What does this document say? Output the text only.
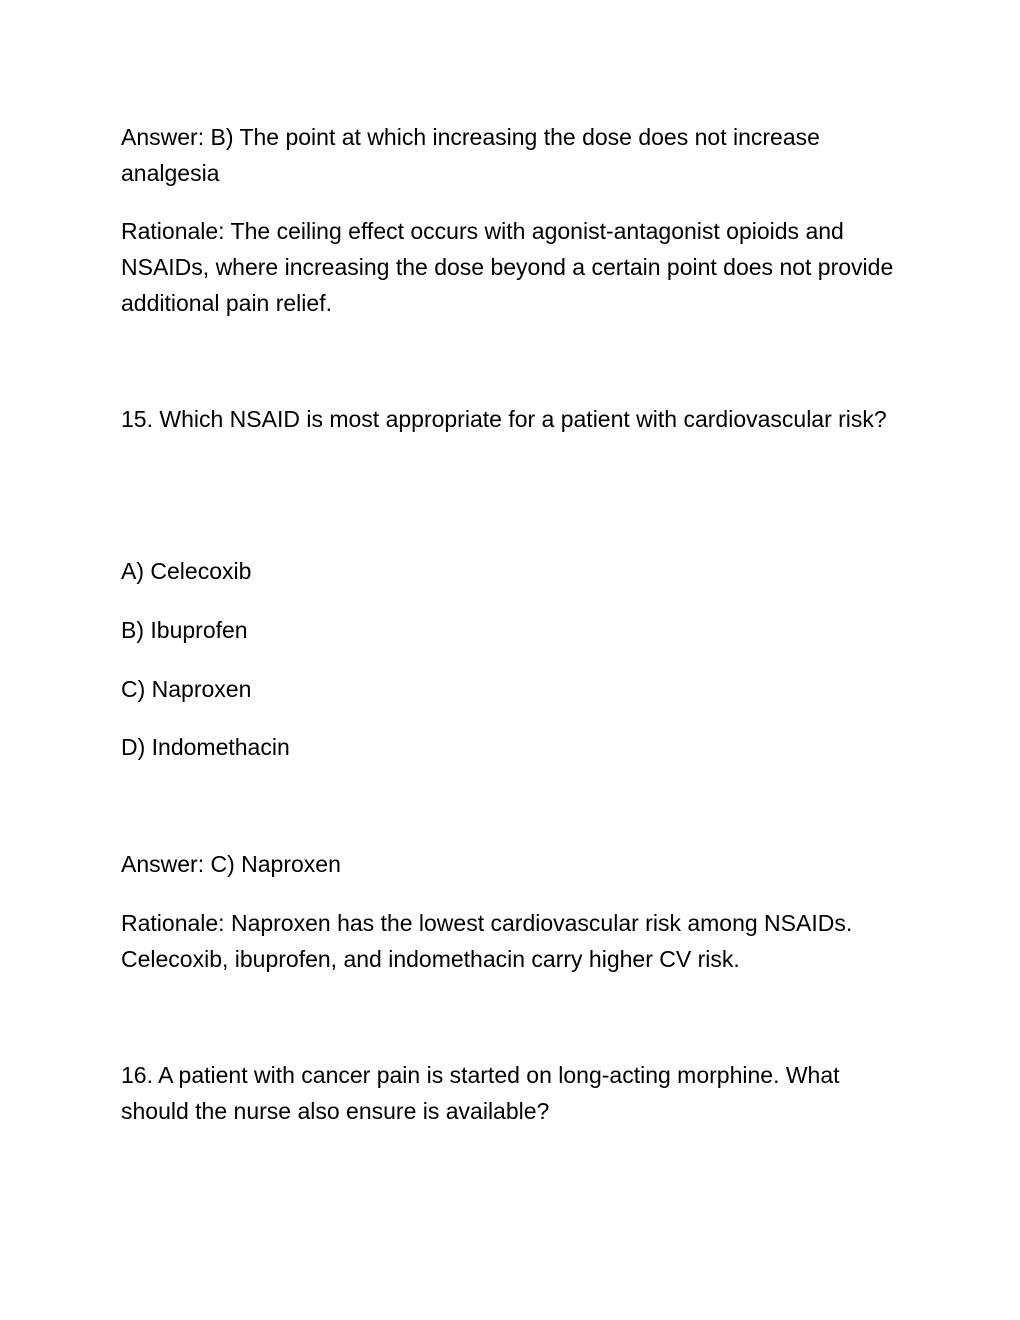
Answer: B) The point at which increasing the dose does not increase analgesia

Rationale: The ceiling effect occurs with agonist-antagonist opioids and NSAIDs, where increasing the dose beyond a certain point does not provide additional pain relief.

15. Which NSAID is most appropriate for a patient with cardiovascular risk?

A) Celecoxib

B) Ibuprofen

C) Naproxen

D) Indomethacin

Answer: C) Naproxen

Rationale: Naproxen has the lowest cardiovascular risk among NSAIDs. Celecoxib, ibuprofen, and indomethacin carry higher CV risk.

16. A patient with cancer pain is started on long-acting morphine. What should the nurse also ensure is available?
